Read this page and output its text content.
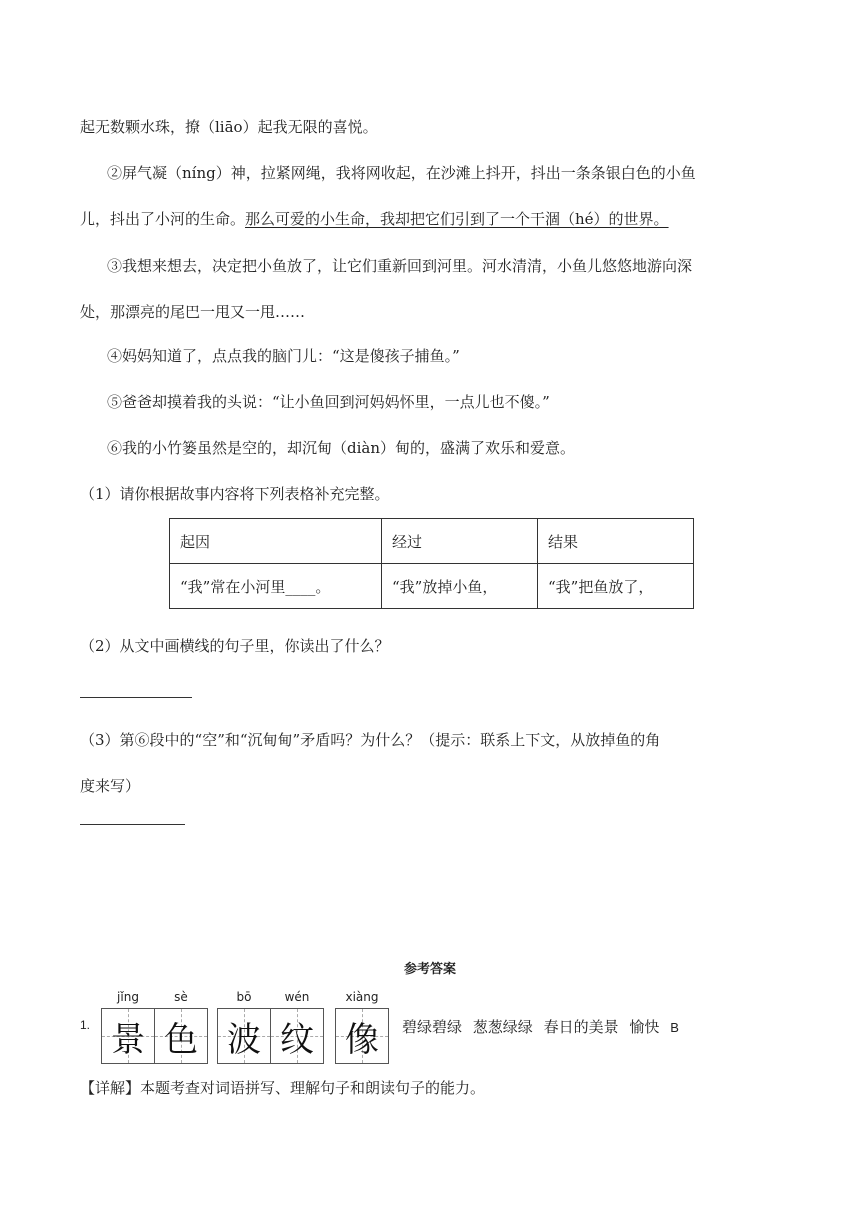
起无数颗水珠，撩（liāo）起我无限的喜悦。
②屏气凝（níng）神，拉紧网绳，我将网收起，在沙滩上抖开，抖出一条条银白色的小鱼
儿，抖出了小河的生命。那么可爱的小生命，我却把它们引到了一个干涸（hé）的世界。
③我想来想去，决定把小鱼放了，让它们重新回到河里。河水清清，小鱼儿悠悠地游向深
处，那漂亮的尾巴一甩又一甩……
④妈妈知道了，点点我的脑门儿：“这是傻孩子捕鱼。”
⑤爸爸却摸着我的头说：“让小鱼回到河妈妈怀里，一点儿也不傻。”
⑥我的小竹篓虽然是空的，却沉甸（diàn）甸的，盛满了欢乐和爱意。
（1）请你根据故事内容将下列表格补充完整。
起因	经过	结果
“我”常在小河里____。	“我”放掉小鱼，	“我”把鱼放了，
（2）从文中画横线的句子里，你读出了什么？
（3）第⑥段中的“空”和“沉甸甸”矛盾吗？为什么？（提示：联系上下文，从放掉鱼的角
度来写）
参考答案
1.
jǐng	sè	bō	wén	xiàng
景 色 波 纹 像 碧绿碧绿 葱葱绿绿 春日的美景 愉快 B
【详解】本题考查对词语拼写、理解句子和朗读句子的能力。
